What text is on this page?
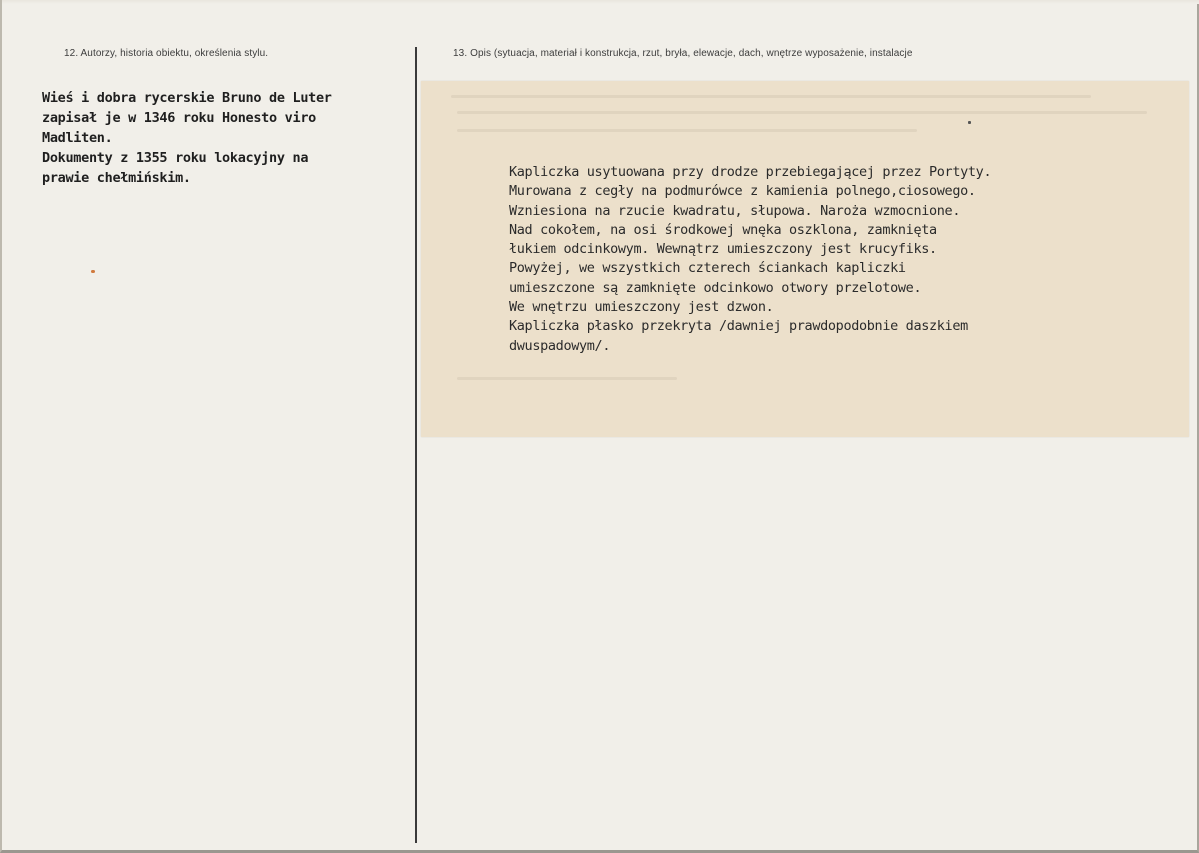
12. Autorzy, historia obiektu, określenia stylu.	13. Opis (sytuacja, materiał i konstrukcja, rzut, bryła, elewacje, dach, wnętrze wyposażenie, instalacje
Wieś i dobra rycerskie Bruno de Luter
zapisał je w 1346 roku Honesto viro
Madliten.
Dokumenty z 1355 roku lokacyjny na
prawie chełmińskim.	Kapliczka usytuowana przy drodze przebiegającej przez Portyty.
Murowana z cegły na podmurówce z kamienia polnego,ciosowego.
Wzniesiona na rzucie kwadratu, słupowa. Naroża wzmocnione.
Nad cokołem, na osi środkowej wnęka oszklona, zamknięta
łukiem odcinkowym. Wewnątrz umieszczony jest krucyfiks.
Powyżej, we wszystkich czterech ściankach kapliczki
umieszczone są zamknięte odcinkowo otwory przelotowe.
We wnętrzu umieszczony jest dzwon.
Kapliczka płasko przekryta /dawniej prawdopodobnie daszkiem
dwuspadowym/.
